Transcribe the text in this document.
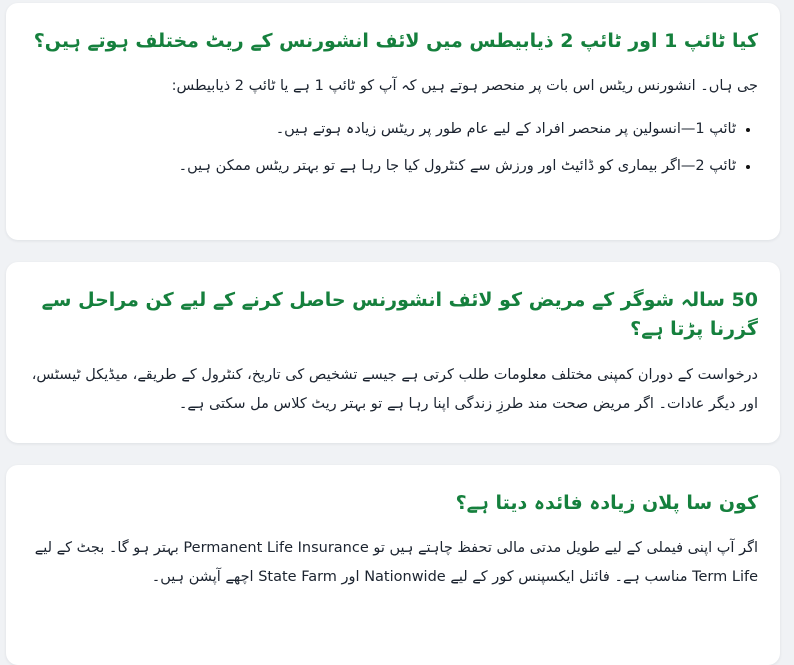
کیا ٹائپ 1 اور ٹائپ 2 ذیابیطس میں لائف انشورنس کے ریٹ مختلف ہوتے ہیں؟

جی ہاں۔ انشورنس ریٹس اس بات پر منحصر ہوتے ہیں کہ آپ کو ٹائپ 1 ہے یا ٹائپ 2 ذیابیطس:

• ٹائپ 1—انسولین پر منحصر افراد کے لیے عام طور پر ریٹس زیادہ ہوتے ہیں۔
• ٹائپ 2—اگر بیماری کو ڈائیٹ اور ورزش سے کنٹرول کیا جا رہا ہے تو بہتر ریٹس ممکن ہیں۔
50 سالہ شوگر کے مریض کو لائف انشورنس حاصل کرنے کے لیے کن مراحل سے گزرنا پڑتا ہے؟

درخواست کے دوران کمپنی مختلف معلومات طلب کرتی ہے جیسے تشخیص کی تاریخ، کنٹرول کے طریقے، میڈیکل ٹیسٹس، اور دیگر عادات۔ اگر مریض صحت مند طرزِ زندگی اپنا رہا ہے تو بہتر ریٹ کلاس مل سکتی ہے۔

کون سا پلان زیادہ فائدہ دیتا ہے؟

اگر آپ اپنی فیملی کے لیے طویل مدتی مالی تحفظ چاہتے ہیں تو Permanent Life Insurance بہتر ہو گا۔ بجٹ کے لیے Term Life مناسب ہے۔ فائنل ایکسپنس کور کے لیے Nationwide اور State Farm اچھے آپشن ہیں۔
